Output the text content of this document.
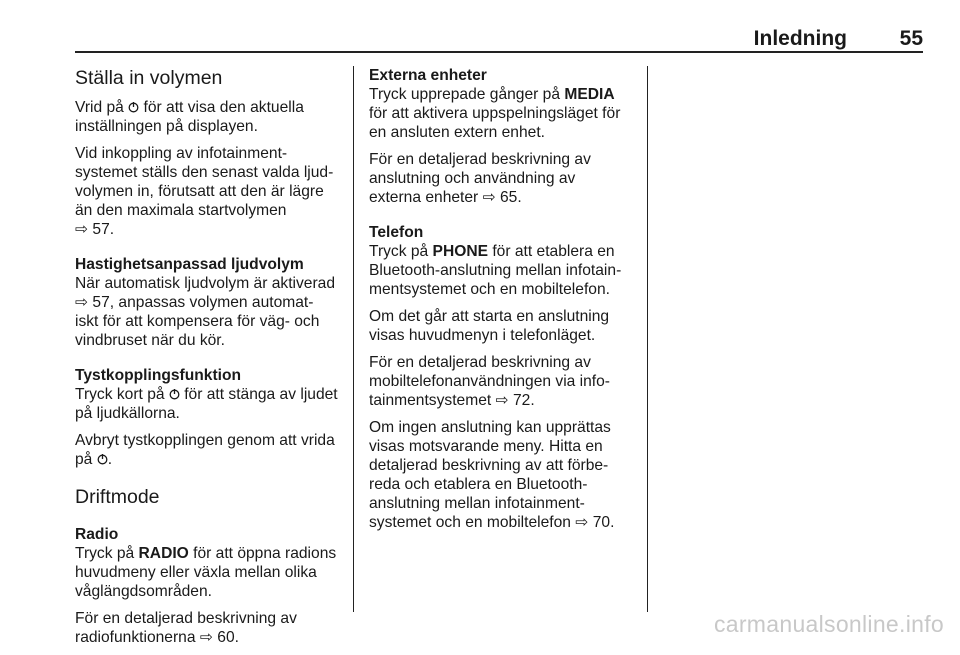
Inledning	55
Ställa in volymen

Vrid på  för att visa den aktuella
inställningen på displayen.

Vid inkoppling av infotainment-
systemet ställs den senast valda ljud-
volymen in, förutsatt att den är lägre
än den maximala startvolymen
⇨ 57.

Hastighetsanpassad ljudvolym

När automatisk ljudvolym är aktiverad
⇨ 57, anpassas volymen automat-
iskt för att kompensera för väg- och
vindbruset när du kör.

Tystkopplingsfunktion

Tryck kort på  för att stänga av ljudet
på ljudkällorna.

Avbryt tystkopplingen genom att vrida
på .

Driftmode
Radio

Tryck på RADIO för att öppna radions
huvudmeny eller växla mellan olika
våglängdsområden.

För en detaljerad beskrivning av
radiofunktionerna ⇨ 60.

Externa enheter

Tryck upprepade gånger på MEDIA
för att aktivera uppspelningsläget för
en ansluten extern enhet.

För en detaljerad beskrivning av
anslutning och användning av
externa enheter ⇨ 65.

Telefon

Tryck på PHONE för att etablera en
Bluetooth-anslutning mellan infotain-
mentsystemet och en mobiltelefon.

Om det går att starta en anslutning
visas huvudmenyn i telefonläget.

För en detaljerad beskrivning av
mobiltelefonanvändningen via info-
tainmentsystemet ⇨ 72.

Om ingen anslutning kan upprättas
visas motsvarande meny. Hitta en
detaljerad beskrivning av att förbe-
reda och etablera en Bluetooth-
anslutning mellan infotainment-
systemet och en mobiltelefon ⇨ 70.

carmanualsonline.info
